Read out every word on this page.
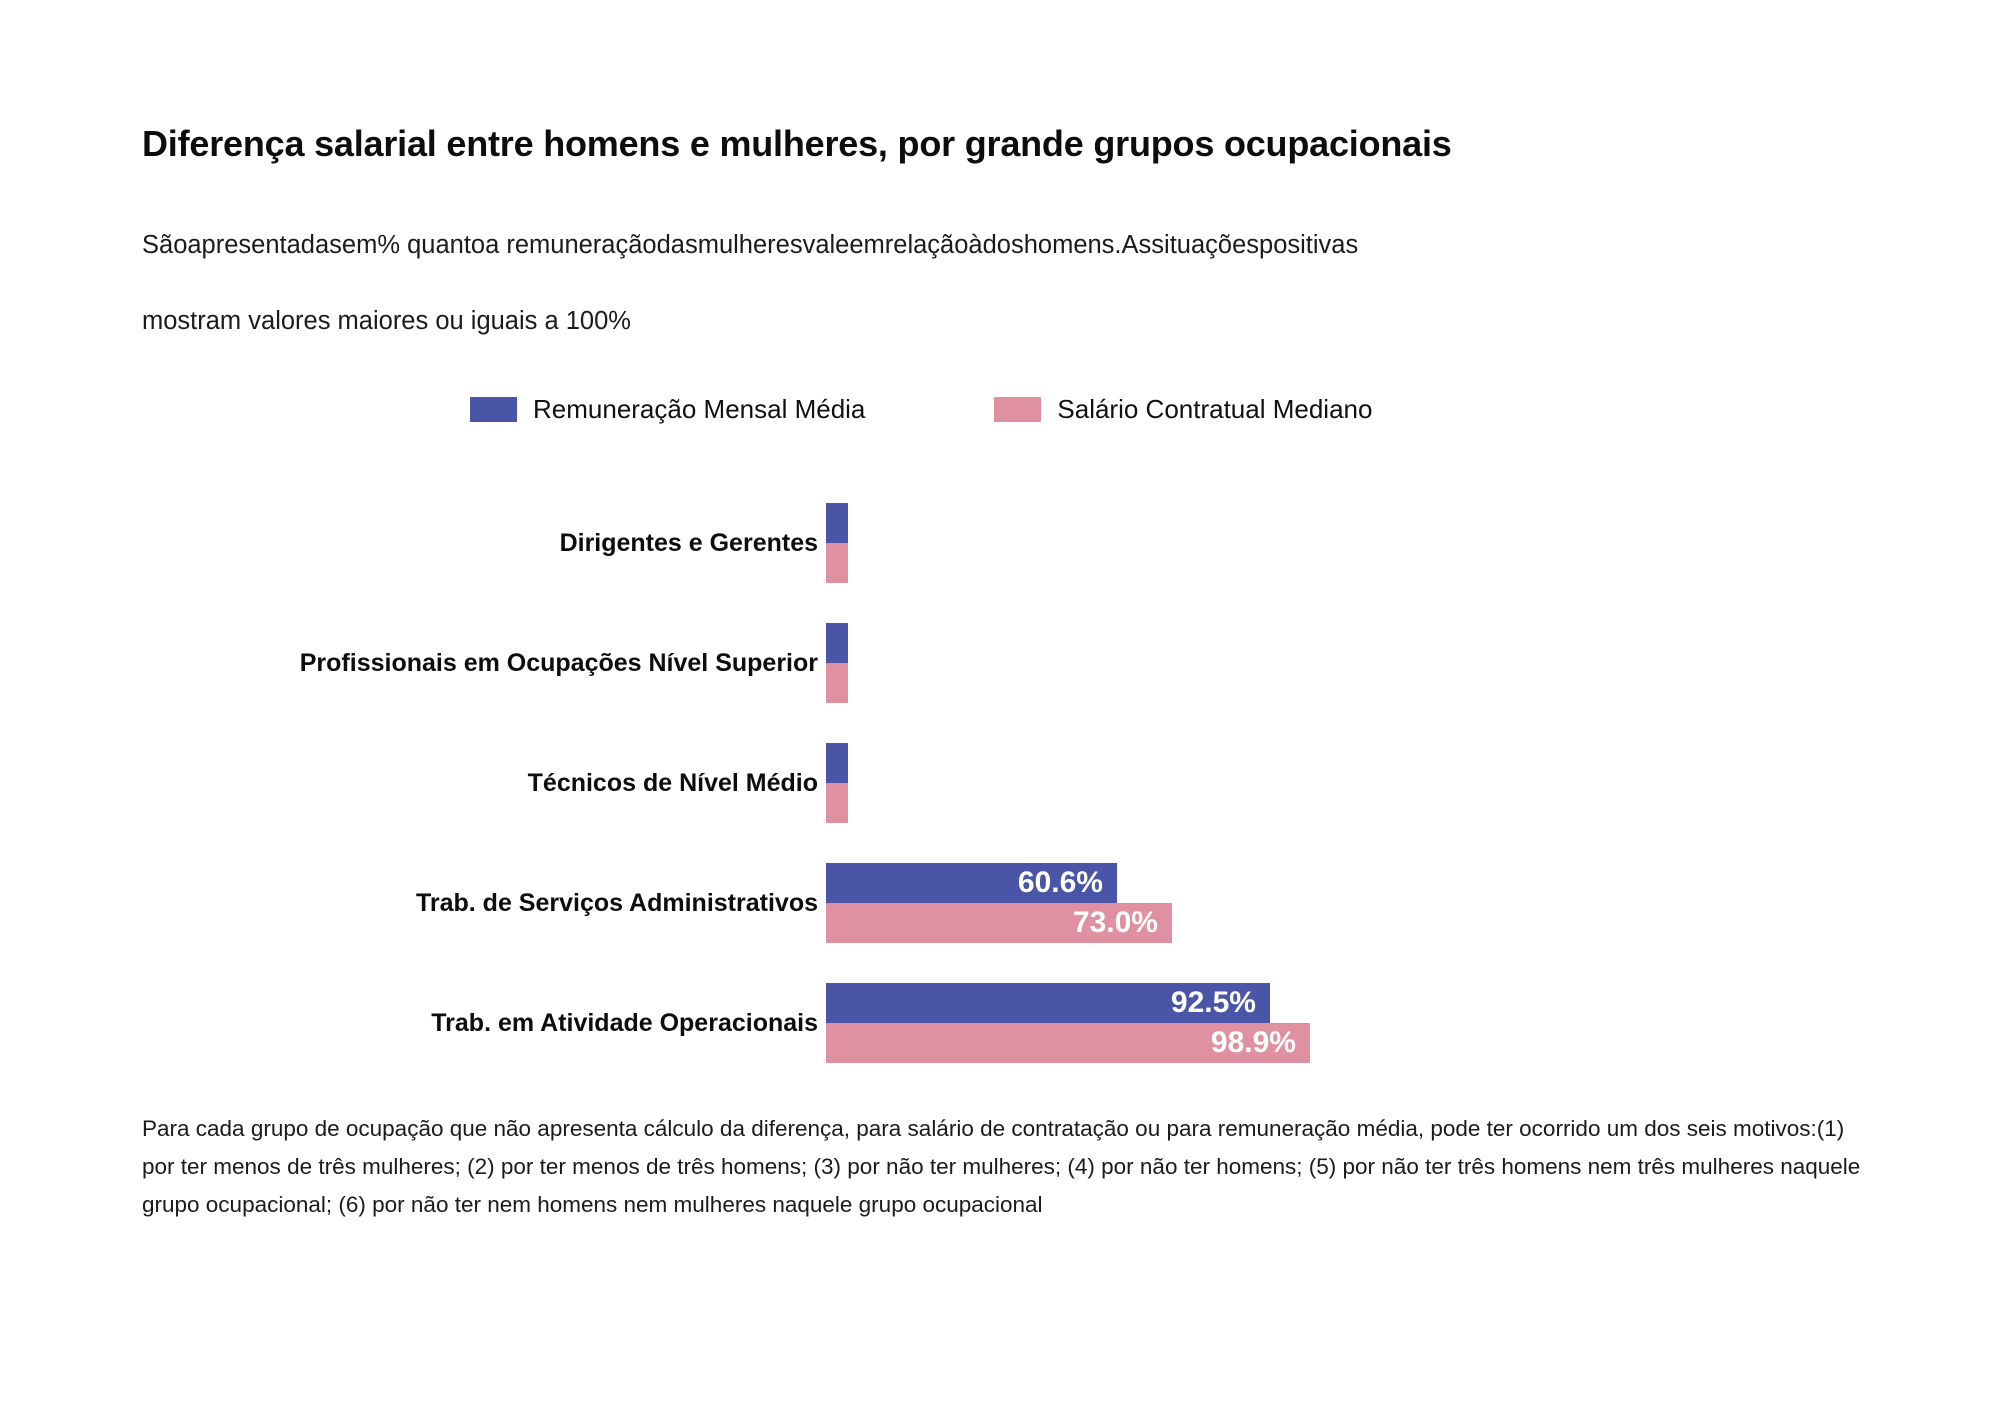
Diferença salarial entre homens e mulheres, por grande grupos ocupacionais
Sãoapresentadasem% quantoa remuneraçãodasmulheresvaleemrelaçãoàdoshomens.Assituaçõespositivas
mostram valores maiores ou iguais a 100%
Remuneração Mensal Média	Salário Contratual Mediano
Dirigentes e Gerentes
Profissionais em Ocupações Nível Superior
Técnicos de Nível Médio
Trab. de Serviços Administrativos
60.6%
73.0%
Trab. em Atividade Operacionais
92.5%
98.9%
Para cada grupo de ocupação que não apresenta cálculo da diferença, para salário de contratação ou para remuneração média, pode ter ocorrido um dos seis motivos:(1) por ter menos de três mulheres; (2) por ter menos de três homens; (3) por não ter mulheres; (4) por não ter homens; (5) por não ter três homens nem três mulheres naquele grupo ocupacional; (6) por não ter nem homens nem mulheres naquele grupo ocupacional
